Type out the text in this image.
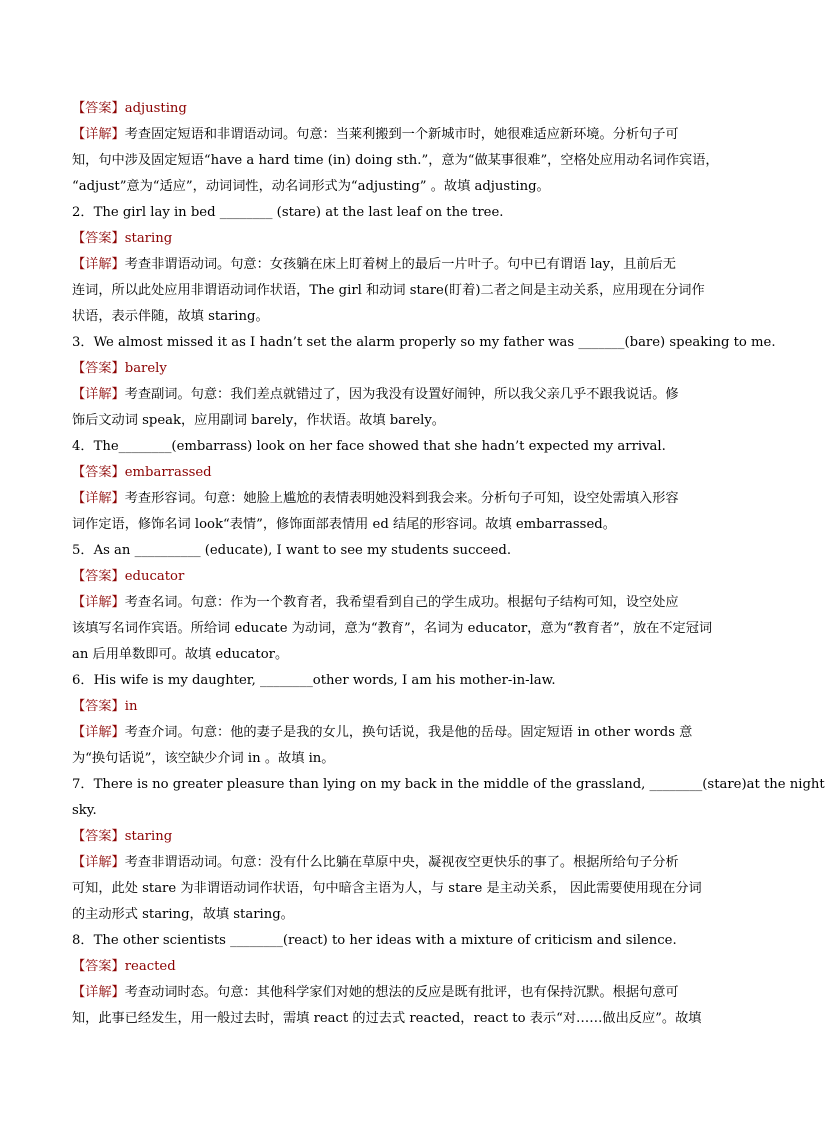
【答案】adjusting
【详解】考查固定短语和非谓语动词。句意：当莱利搬到一个新城市时，她很难适应新环境。分析句子可
知，句中涉及固定短语“have a hard time (in) doing sth.”，意为“做某事很难”，空格处应用动名词作宾语，
“adjust”意为“适应”，动词词性，动名词形式为“adjusting” 。故填 adjusting。
2．The girl lay in bed ________ (stare) at the last leaf on the tree.
【答案】staring
【详解】考查非谓语动词。句意：女孩躺在床上盯着树上的最后一片叶子。句中已有谓语 lay，且前后无
连词，所以此处应用非谓语动词作状语，The girl 和动词 stare(盯着)二者之间是主动关系，应用现在分词作
状语，表示伴随，故填 staring。
3．We almost missed it as I hadn’t set the alarm properly so my father was _______(bare) speaking to me.
【答案】barely
【详解】考查副词。句意：我们差点就错过了，因为我没有设置好闹钟，所以我父亲几乎不跟我说话。修
饰后文动词 speak，应用副词 barely，作状语。故填 barely。
4．The________(embarrass) look on her face showed that she hadn’t expected my arrival.
【答案】embarrassed
【详解】考查形容词。句意：她脸上尴尬的表情表明她没料到我会来。分析句子可知，设空处需填入形容
词作定语，修饰名词 look“表情”，修饰面部表情用 ed 结尾的形容词。故填 embarrassed。
5．As an __________ (educate), I want to see my students succeed.
【答案】educator
【详解】考查名词。句意：作为一个教育者，我希望看到自己的学生成功。根据句子结构可知，设空处应
该填写名词作宾语。所给词 educate 为动词，意为“教育”，名词为 educator，意为“教育者”，放在不定冠词
an 后用单数即可。故填 educator。
6．His wife is my daughter, ________other words, I am his mother-in-law.
【答案】in
【详解】考查介词。句意：他的妻子是我的女儿，换句话说，我是他的岳母。固定短语 in other words 意
为“换句话说”，该空缺少介词 in 。故填 in。
7．There is no greater pleasure than lying on my back in the middle of the grassland, ________(stare)at the night
sky.
【答案】staring
【详解】考查非谓语动词。句意：没有什么比躺在草原中央，凝视夜空更快乐的事了。根据所给句子分析
可知，此处 stare 为非谓语动词作状语，句中暗含主语为人，与 stare 是主动关系， 因此需要使用现在分词
的主动形式 staring，故填 staring。
8．The other scientists ________(react) to her ideas with a mixture of criticism and silence.
【答案】reacted
【详解】考查动词时态。句意：其他科学家们对她的想法的反应是既有批评，也有保持沉默。根据句意可
知，此事已经发生，用一般过去时，需填 react 的过去式 reacted，react to 表示“对……做出反应”。故填
